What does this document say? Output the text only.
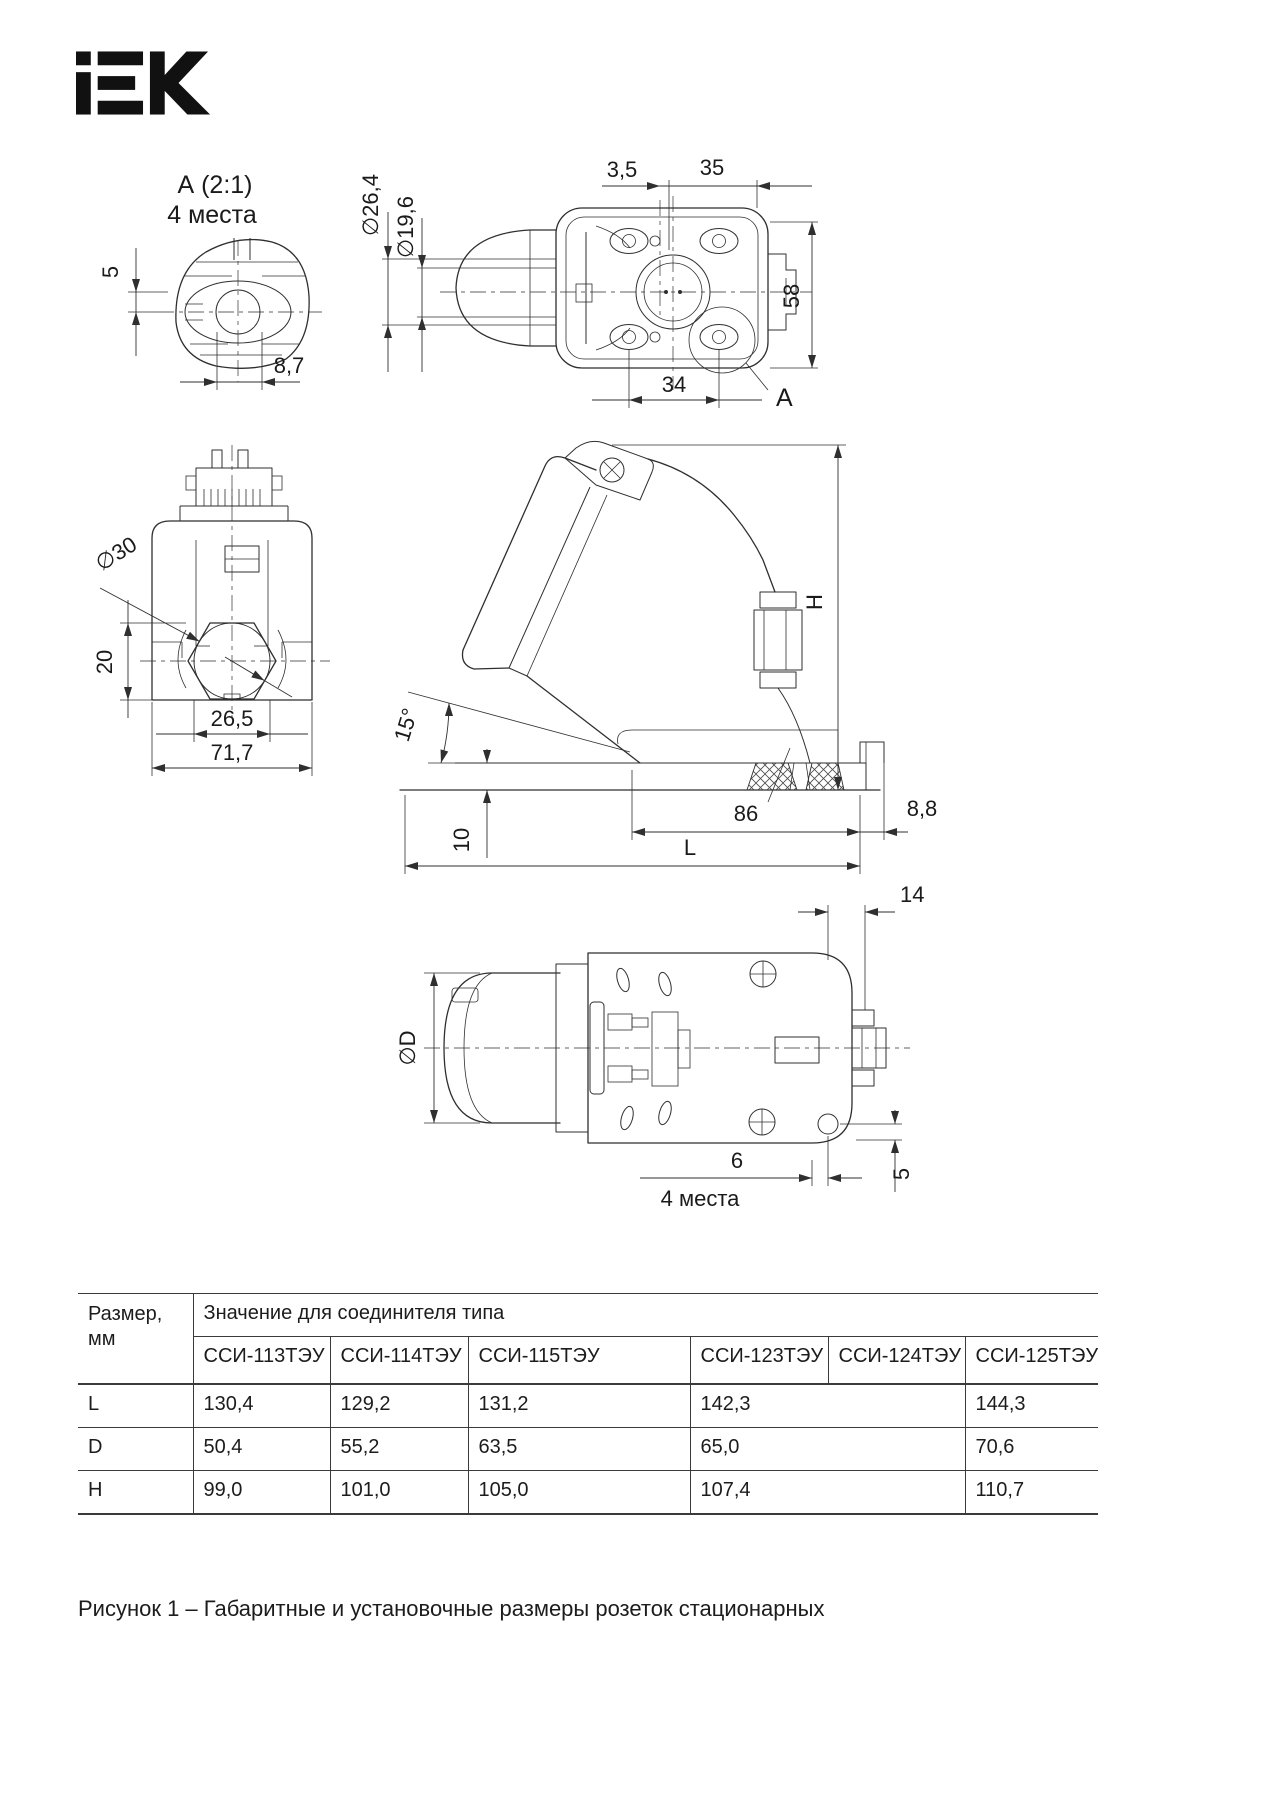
А (2:1)
4 места
5
8,7
3,5	35
∅26,4 ∅19,6
58
34	А
∅30
20
26,5
71,7
15°
10
86	8,8
L
H
14
∅D
6
4 места
5
Размер,
мм	Значение для соединителя типа					
	ССИ-113ТЭУ	ССИ-114ТЭУ	ССИ-115ТЭУ	ССИ-123ТЭУ	ССИ-124ТЭУ	ССИ-125ТЭУ
L	130,4	129,2	131,2	142,3		144,3
D	50,4	55,2	63,5	65,0		70,6
H	99,0	101,0	105,0	107,4		110,7
Рисунок 1 – Габаритные и установочные размеры розеток стационарных
